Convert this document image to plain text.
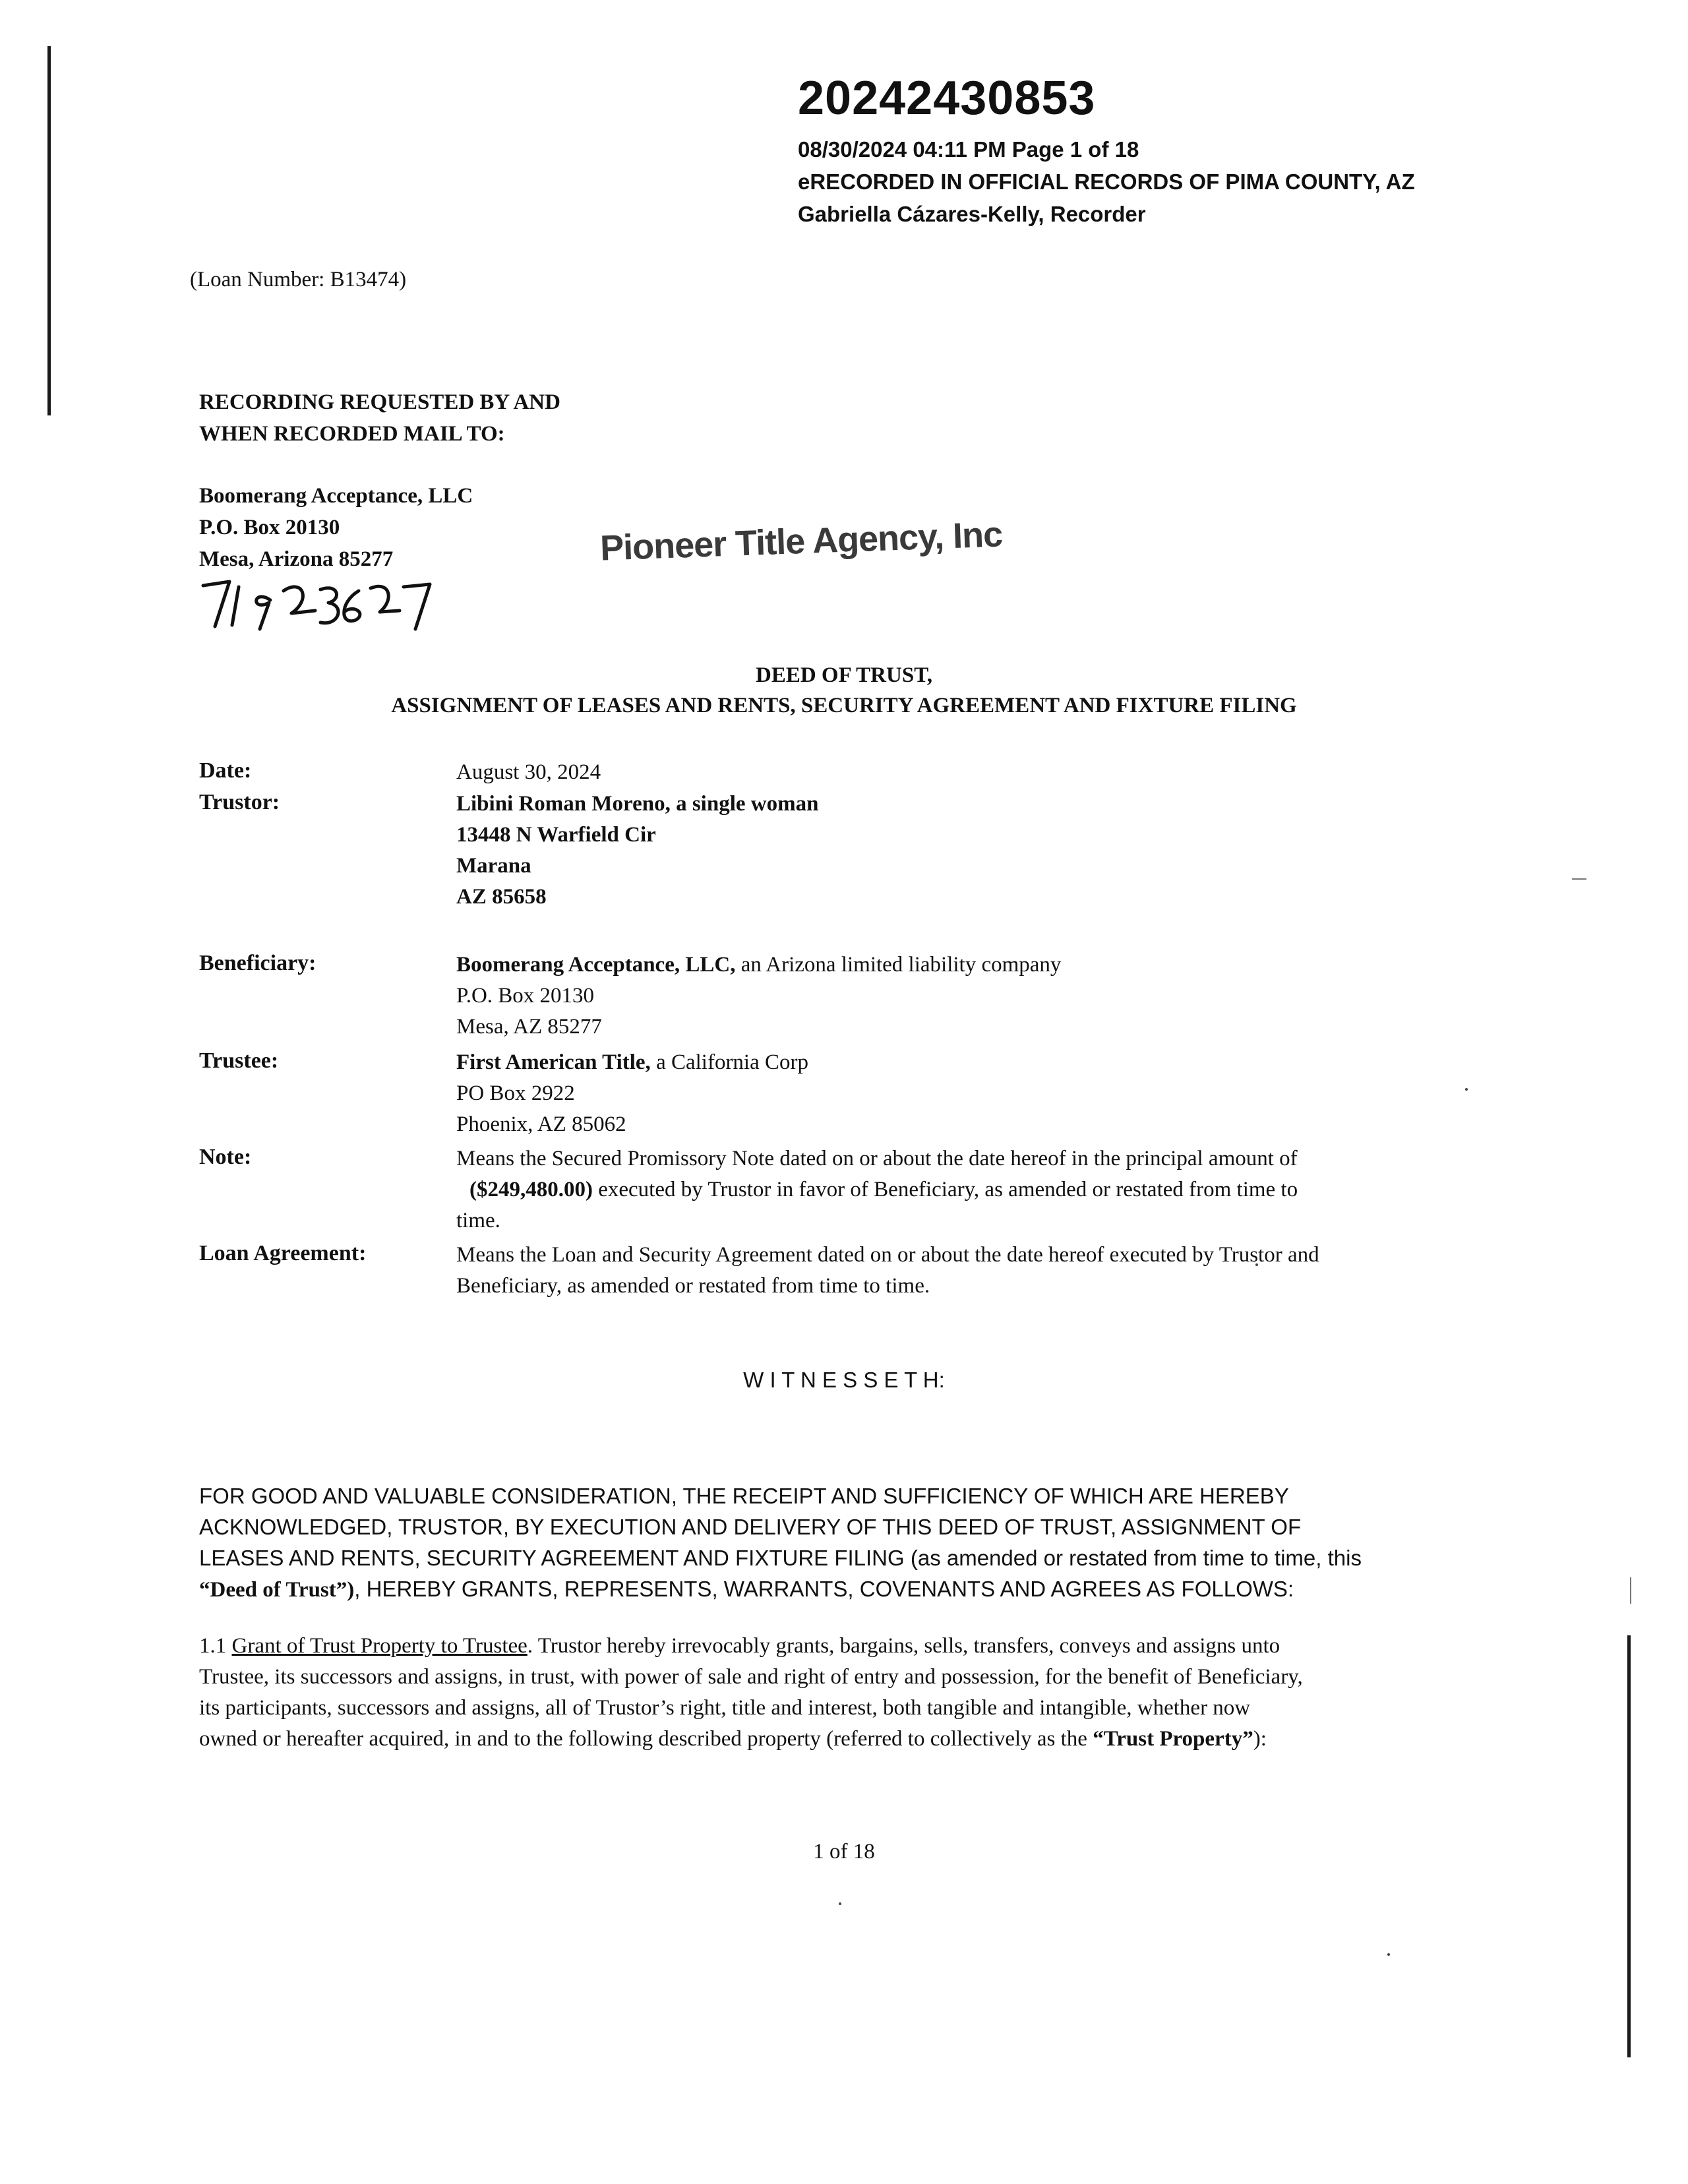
20242430853
08/30/2024 04:11 PM Page 1 of 18
eRECORDED IN OFFICIAL RECORDS OF PIMA COUNTY, AZ
Gabriella Cázares-Kelly, Recorder
(Loan Number: B13474)
RECORDING REQUESTED BY AND
WHEN RECORDED MAIL TO:
Boomerang Acceptance, LLC
P.O. Box 20130
Mesa, Arizona 85277	Pioneer Title Agency, Inc
DEED OF TRUST,
ASSIGNMENT OF LEASES AND RENTS, SECURITY AGREEMENT AND FIXTURE FILING
Date:	August 30, 2024
Trustor:	Libini Roman Moreno, a single woman
13448 N Warfield Cir
Marana
AZ 85658
Beneficiary:	Boomerang Acceptance, LLC, an Arizona limited liability company
P.O. Box 20130
Mesa, AZ 85277
Trustee:	First American Title, a California Corp
PO Box 2922
Phoenix, AZ 85062
Note:	Means the Secured Promissory Note dated on or about the date hereof in the principal amount of
($249,480.00) executed by Trustor in favor of Beneficiary, as amended or restated from time to
time.
Loan Agreement:	Means the Loan and Security Agreement dated on or about the date hereof executed by Trustor and
Beneficiary, as amended or restated from time to time.
W I T N E S S E T H:
FOR GOOD AND VALUABLE CONSIDERATION, THE RECEIPT AND SUFFICIENCY OF WHICH ARE HEREBY
ACKNOWLEDGED, TRUSTOR, BY EXECUTION AND DELIVERY OF THIS DEED OF TRUST, ASSIGNMENT OF
LEASES AND RENTS, SECURITY AGREEMENT AND FIXTURE FILING (as amended or restated from time to time, this
“Deed of Trust”), HEREBY GRANTS, REPRESENTS, WARRANTS, COVENANTS AND AGREES AS FOLLOWS:
1.1 Grant of Trust Property to Trustee. Trustor hereby irrevocably grants, bargains, sells, transfers, conveys and assigns unto
Trustee, its successors and assigns, in trust, with power of sale and right of entry and possession, for the benefit of Beneficiary,
its participants, successors and assigns, all of Trustor’s right, title and interest, both tangible and intangible, whether now
owned or hereafter acquired, in and to the following described property (referred to collectively as the “Trust Property”):
1 of 18
